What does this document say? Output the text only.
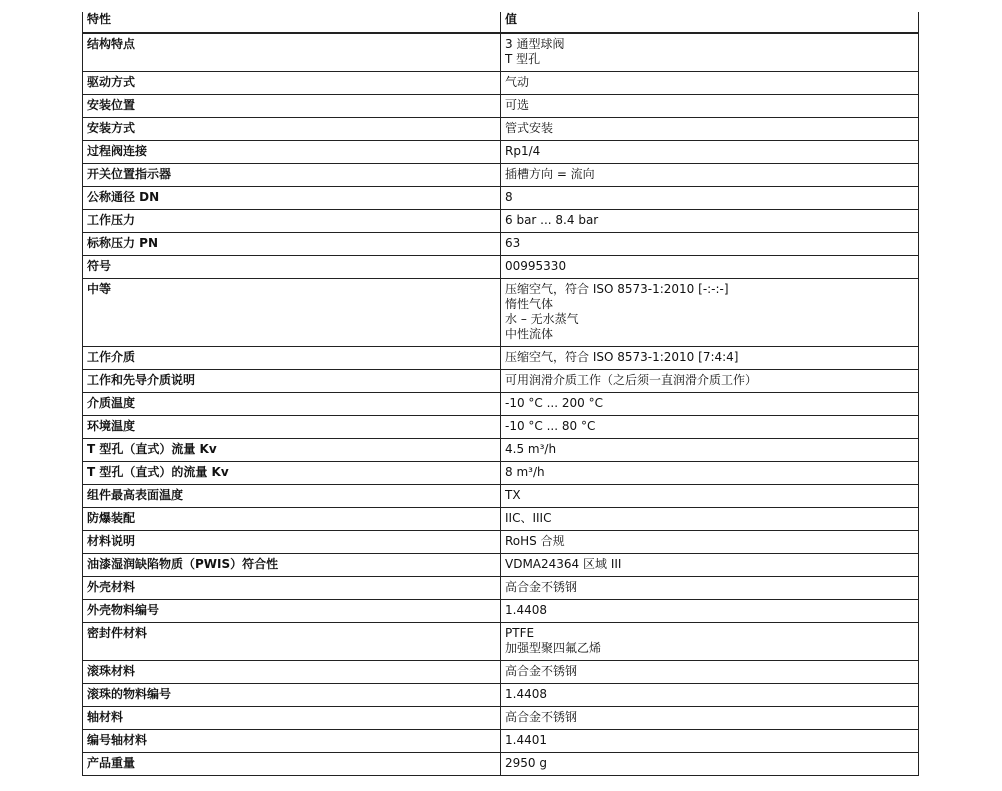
特性	值
结构特点	3 通型球阀
T 型孔
驱动方式	气动
安装位置	可选
安装方式	管式安装
过程阀连接	Rp1/4
开关位置指示器	插槽方向 = 流向
公称通径 DN	8
工作压力	6 bar ... 8.4 bar
标称压力 PN	63
符号	00995330
中等	压缩空气，符合 ISO 8573-1:2010 [-:-:-]
惰性气体
水 – 无水蒸气
中性流体
工作介质	压缩空气，符合 ISO 8573-1:2010 [7:4:4]
工作和先导介质说明	可用润滑介质工作（之后须一直润滑介质工作）
介质温度	-10 °C ... 200 °C
环境温度	-10 °C ... 80 °C
T 型孔（直式）流量 Kv	4.5 m³/h
T 型孔（直式）的流量 Kv	8 m³/h
组件最高表面温度	TX
防爆装配	IIC、IIIC
材料说明	RoHS 合规
油漆湿润缺陷物质（PWIS）符合性	VDMA24364 区域 III
外壳材料	高合金不锈钢
外壳物料编号	1.4408
密封件材料	PTFE
加强型聚四氟乙烯
滚珠材料	高合金不锈钢
滚珠的物料编号	1.4408
轴材料	高合金不锈钢
编号轴材料	1.4401
产品重量	2950 g
